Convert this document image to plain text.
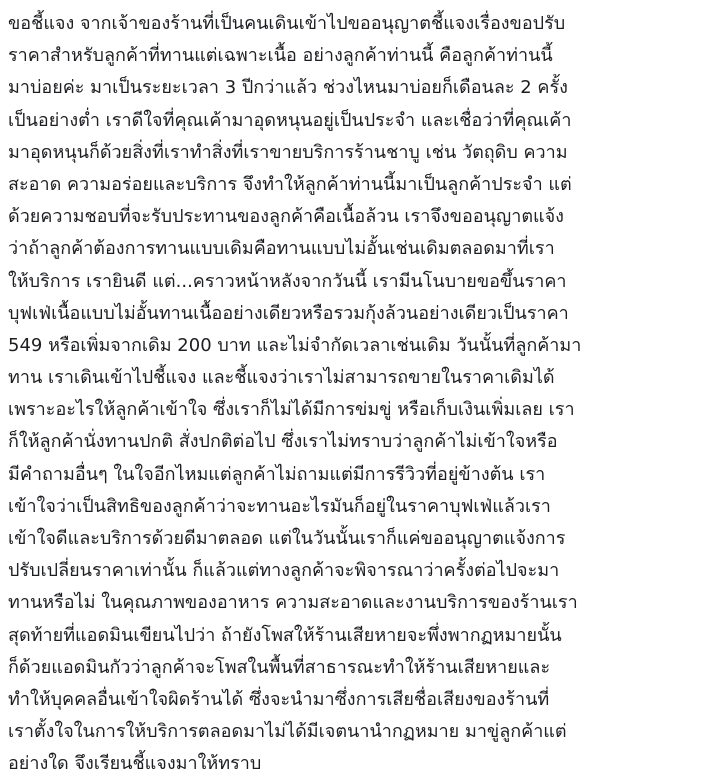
ขอชี้แจง จากเจ้าของร้านที่เป็นคนเดินเข้าไปขออนุญาตชี้แจงเรื่องขอปรับ
ราคาสำหรับลูกค้าที่ทานแต่เฉพาะเนื้อ อย่างลูกค้าท่านนี้ คือลูกค้าท่านนี้
มาบ่อยค่ะ มาเป็นระยะเวลา 3 ปีกว่าแล้ว ช่วงไหนมาบ่อยก็เดือนละ 2 ครั้ง
เป็นอย่างต่ำ เราดีใจที่คุณเค้ามาอุดหนุนอยู่เป็นประจำ และเชื่อว่าที่คุณเค้า
มาอุดหนุนก็ด้วยสิ่งที่เราทำสิ่งที่เราขายบริการร้านชาบู เช่น วัตถุดิบ ความ
สะอาด ความอร่อยและบริการ จึงทำให้ลูกค้าท่านนี้มาเป็นลูกค้าประจำ แต่
ด้วยความชอบที่จะรับประทานของลูกค้าคือเนื้อล้วน เราจึงขออนุญาตแจ้ง
ว่าถ้าลูกค้าต้องการทานแบบเดิมคือทานแบบไม่อั้นเช่นเดิมตลอดมาที่เรา
ให้บริการ เรายินดี แต่...คราวหน้าหลังจากวันนี้ เรามีนโนบายขอขึ้นราคา
บุฟเฟ่เนื้อแบบไม่อั้นทานเนื้ออย่างเดียวหรือรวมกุ้งล้วนอย่างเดียวเป็นราคา
549 หรือเพิ่มจากเดิม 200 บาท และไม่จำกัดเวลาเช่นเดิม วันนั้นที่ลูกค้ามา
ทาน เราเดินเข้าไปชี้แจง และชี้แจงว่าเราไม่สามารถขายในราคาเดิมได้
เพราะอะไรให้ลูกค้าเข้าใจ ซึ่งเราก็ไม่ได้มีการข่มขู่ หรือเก็บเงินเพิ่มเลย เรา
ก็ให้ลูกค้านั่งทานปกติ สั่งปกติต่อไป ซึ่งเราไม่ทราบว่าลูกค้าไม่เข้าใจหรือ
มีคำถามอื่นๆ ในใจอีกไหมแต่ลูกค้าไม่ถามแต่มีการรีวิวที่อยู่ข้างต้น เรา
เข้าใจว่าเป็นสิทธิของลูกค้าว่าจะทานอะไรมันก็อยู่ในราคาบุฟเฟ่แล้วเรา
เข้าใจดีและบริการด้วยดีมาตลอด แต่ในวันนั้นเราก็แค่ขออนุญาตแจ้งการ
ปรับเปลี่ยนราคาเท่านั้น ก็แล้วแต่ทางลูกค้าจะพิจารณาว่าครั้งต่อไปจะมา
ทานหรือไม่ ในคุณภาพของอาหาร ความสะอาดและงานบริการของร้านเรา
สุดท้ายที่แอดมินเขียนไปว่า ถ้ายังโพสให้ร้านเสียหายจะพึ่งพากฏหมายนั้น
ก็ด้วยแอดมินกัวว่าลูกค้าจะโพสในพื้นที่สาธารณะทำให้ร้านเสียหายและ
ทำให้บุคคลอื่นเข้าใจผิดร้านได้ ซึ่งจะนำมาซึ่งการเสียชื่อเสียงของร้านที่
เราตั้งใจในการให้บริการตลอดมาไม่ได้มีเจตนานำกฏหมาย มาขู่ลูกค้าแต่
อย่างใด จึงเรียนชี้แจงมาให้ทราบ
